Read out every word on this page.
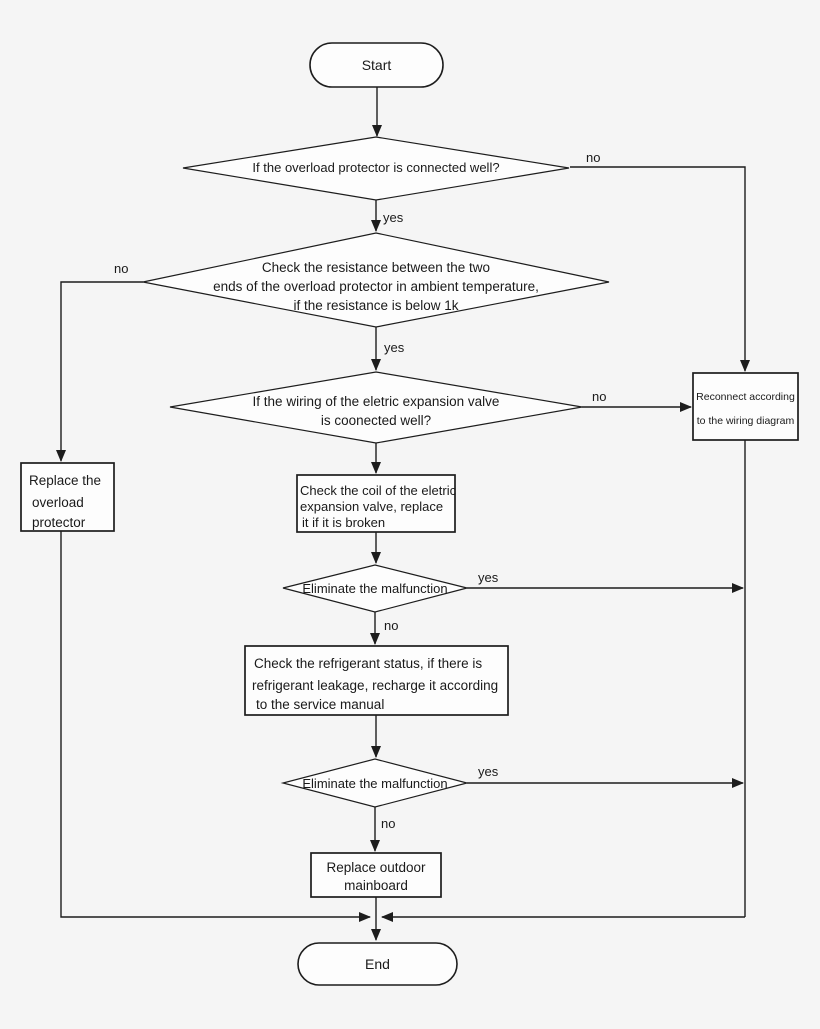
no
yes
no
yes
no
yes
no
yes
no
Start
If the overload protector is connected well?
Check the resistance between the two
ends of the overload protector in ambient temperature,
if the resistance is below 1k
If the wiring of the eletric expansion valve
is coonected well?
Check the coil of the eletric
expansion valve, replace
it if it is broken
Eliminate the malfunction
Check the refrigerant status, if there is
refrigerant leakage, recharge it according
to the service manual
Eliminate the malfunction
Replace outdoor
mainboard
Replace the
overload
protector
Reconnect according
to the wiring diagram
End
